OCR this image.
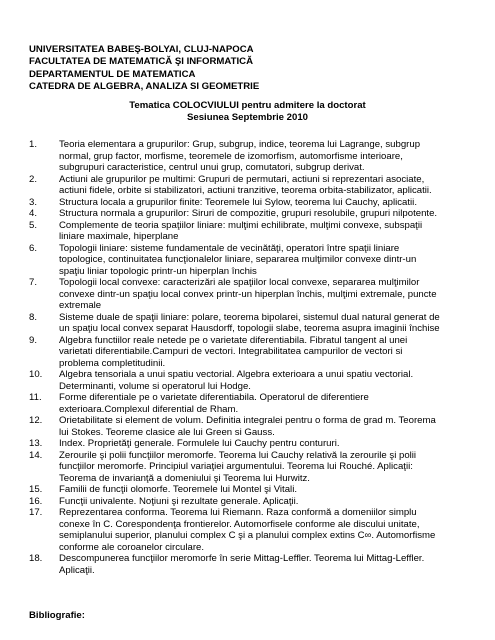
UNIVERSITATEA BABEŞ-BOLYAI, CLUJ-NAPOCA
FACULTATEA DE MATEMATICĂ ŞI INFORMATICĂ
DEPARTAMENTUL DE MATEMATICA
CATEDRA DE ALGEBRA, ANALIZA SI GEOMETRIE
Tematica COLOCVIULUI pentru admitere la doctorat
Sesiunea Septembrie 2010
1. Teoria elementara a grupurilor: Grup, subgrup, indice, teorema lui Lagrange, subgrup
normal, grup factor, morfisme, teoremele de izomorfism, automorfisme interioare,
subgrupuri caracteristice, centrul unui grup, comutatori, subgrup derivat.
2. Actiuni ale grupurilor pe multimi: Grupuri de permutari, actiuni si reprezentari asociate,
actiuni fidele, orbite si stabilizatori, actiuni tranzitive, teorema orbita-stabilizator, aplicatii.
3. Structura locala a grupurilor finite: Teoremele lui Sylow, teorema lui Cauchy, aplicatii.
4. Structura normala a grupurilor: Siruri de compozitie, grupuri resolubile, grupuri nilpotente.
5. Complemente de teoria spaţiilor liniare: mulţimi echilibrate, mulţimi convexe, subspaţii
liniare maximale, hiperplane
6. Topologii liniare: sisteme fundamentale de vecinătăţi, operatori între spaţii liniare
topologice, continuitatea funcţionalelor liniare, separarea mulţimilor convexe dintr-un
spaţiu liniar topologic printr-un hiperplan închis
7. Topologii local convexe: caracterizări ale spaţiilor local convexe, separarea mulţimilor
convexe dintr-un spaţiu local convex printr-un hiperplan închis, mulţimi extremale, puncte
extremale
8. Sisteme duale de spaţii liniare: polare, teorema bipolarei, sistemul dual natural generat de
un spaţiu local convex separat Hausdorff, topologii slabe, teorema asupra imaginii închise
9. Algebra functiilor reale netede pe o varietate diferentiabila. Fibratul tangent al unei
varietati diferentiabile.Campuri de vectori. Integrabilitatea campurilor de vectori si
problema completitudinii.
10. Algebra tensoriala a unui spatiu vectorial. Algebra exterioara a unui spatiu vectorial.
Determinanti, volume si operatorul lui Hodge.
11. Forme diferentiale pe o varietate diferentiabila. Operatorul de diferentiere
exterioara.Complexul diferential de Rham.
12. Orietabilitate si element de volum. Definitia integralei pentru o forma de grad m. Teorema
lui Stokes. Teoreme clasice ale lui Green si Gauss.
13. Index. Proprietăţi generale. Formulele lui Cauchy pentru contururi.
14. Zerourile şi polii funcţiilor meromorfe. Teorema lui Cauchy relativă la zerourile şi polii
funcţiilor meromorfe. Principiul variaţiei argumentului. Teorema lui Rouché. Aplicaţii:
Teorema de invarianţă a domeniului şi Teorema lui Hurwitz.
15. Familii de funcţii olomorfe. Teoremele lui Montel şi Vitali.
16. Funcţii univalente. Noţiuni şi rezultate generale. Aplicaţii.
17. Reprezentarea conforma. Teorema lui Riemann. Raza conformă a domeniilor simplu
conexe în C. Corespondenţa frontierelor. Automorfisele conforme ale discului unitate,
semiplanului superior, planului complex C şi a planului complex extins C∞. Automorfisme
conforme ale coroanelor circulare.
18. Descompunerea funcţiilor meromorfe în serie Mittag-Leffler. Teorema lui Mittag-Leffler.
Aplicaţii.
Bibliografie:
